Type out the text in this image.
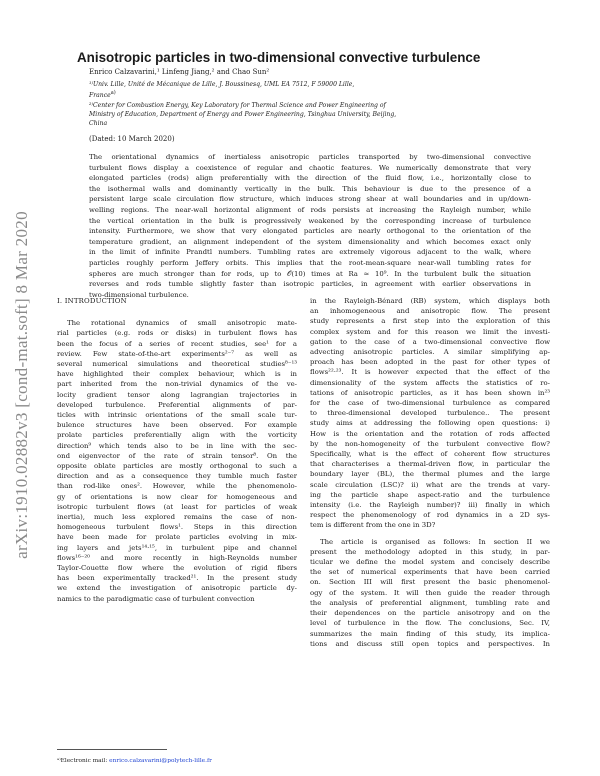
arXiv:1910.02882v3 [cond-mat.soft] 8 Mar 2020
Anisotropic particles in two-dimensional convective turbulence
Enrico Calzavarini,¹ Linfeng Jiang,² and Chao Sun²
¹⁾Univ. Lille, Unité de Mécanique de Lille, J. Boussinesq, UML EA 7512, F 59000 Lille,
France$^{a)}$
²⁾Center for Combustion Energy, Key Laboratory for Thermal Science and Power Engineering of
Ministry of Education, Department of Energy and Power Engineering, Tsinghua University, Beijing,
China
(Dated: 10 March 2020)
The orientational dynamics of inertialess anisotropic particles transported by two-dimensional convective
turbulent flows display a coexistence of regular and chaotic features. We numerically demonstrate that very
elongated particles (rods) align preferentially with the direction of the fluid flow, i.e., horizontally close to
the isothermal walls and dominantly vertically in the bulk. This behaviour is due to the presence of a
persistent large scale circulation flow structure, which induces strong shear at wall boundaries and in up/down-
welling regions. The near-wall horizontal alignment of rods persists at increasing the Rayleigh number, while
the vertical orientation in the bulk is progressively weakened by the corresponding increase of turbulence
intensity. Furthermore, we show that very elongated particles are nearly orthogonal to the orientation of the
temperature gradient, an alignment independent of the system dimensionality and which becomes exact only
in the limit of infinite Prandtl numbers. Tumbling rates are extremely vigorous adjacent to the walk, where
particles roughly perform Jeffery orbits. This implies that the root-mean-square near-wall tumbling rates for
spheres are much stronger than for rods, up to 𝒪(10) times at Ra ≃ 10⁹. In the turbulent bulk the situation
reverses and rods tumble slightly faster than isotropic particles, in agreement with earlier observations in
two-dimensional turbulence.
I. INTRODUCTION
The rotational dynamics of small anisotropic mate-
rial particles (e.g. rods or disks) in turbulent flows has
been the focus of a series of recent studies, see¹ for a
review. Few state-of-the-art experiments²⁻⁷ as well as
several numerical simulations and theoretical studies⁸⁻¹³
have highlighted their complex behaviour, which is in
part inherited from the non-trivial dynamics of the ve-
locity gradient tensor along lagrangian trajectories in
developed turbulence. Preferential alignments of par-
ticles with intrinsic orientations of the small scale tur-
bulence structures have been observed. For example
prolate particles preferentially align with the vorticity
direction⁹ which tends also to be in line with the sec-
ond eigenvector of the rate of strain tensor⁸. On the
opposite oblate particles are mostly orthogonal to such a
direction and as a consequence they tumble much faster
than rod-like ones². However, while the phenomenolo-
gy of orientations is now clear for homogeneous and
isotropic turbulent flows (at least for particles of weak
inertia), much less explored remains the case of non-
homogeneous turbulent flows¹. Steps in this direction
have been made for prolate particles evolving in mix-
ing layers and jets¹⁴·¹⁵, in turbulent pipe and channel
flows¹⁶⁻²⁰ and more recently in high-Reynolds number
Taylor-Couette flow where the evolution of rigid fibers
has been experimentally tracked²¹. In the present study
we extend the investigation of anisotropic particle dy-
namics to the paradigmatic case of turbulent convection
in the Rayleigh-Bénard (RB) system, which displays both
an inhomogeneous and anisotropic flow. The present
study represents a first step into the exploration of this
complex system and for this reason we limit the investi-
gation to the case of a two-dimensional convective flow
advecting anisotropic particles. A similar simplifying ap-
proach has been adopted in the past for other types of
flows²²·²³. It is however expected that the effect of the
dimensionality of the system affects the statistics of ro-
tations of anisotropic particles, as it has been shown in²³
for the case of two-dimensional turbulence as compared
to three-dimensional developed turbulence.. The present
study aims at addressing the following open questions: i)
How is the orientation and the rotation of rods affected
by the non-homogeneity of the turbulent convective flow?
Specifically, what is the effect of coherent flow structures
that characterises a thermal-driven flow, in particular the
boundary layer (BL), the thermal plumes and the large
scale circulation (LSC)? ii) what are the trends at vary-
ing the particle shape aspect-ratio and the turbulence
intensity (i.e. the Rayleigh number)? iii) finally in which
respect the phenomenology of rod dynamics in a 2D sys-
tem is different from the one in 3D?
The article is organised as follows: In section II we
present the methodology adopted in this study, in par-
ticular we define the model system and concisely describe
the set of numerical experiments that have been carried
on. Section III will first present the basic phenomenol-
ogy of the system. It will then guide the reader through
the analysis of preferential alignment, tumbling rate and
their dependences on the particle anisotropy and on the
level of turbulence in the flow. The conclusions, Sec. IV,
summarizes the main finding of this study, its implica-
tions and discuss still open topics and perspectives. In
ᵃ⁾Electronic mail: enrico.calzavarini@polytech-lille.fr
